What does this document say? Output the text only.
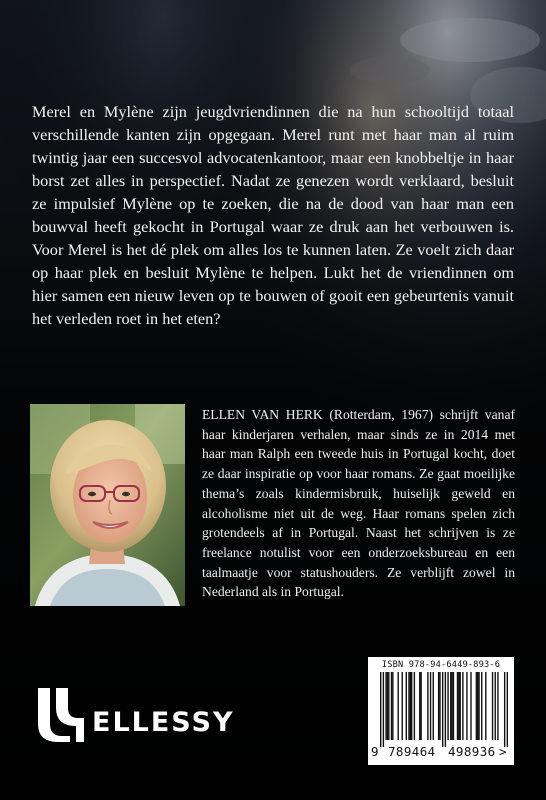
Merel en Mylène zijn jeugdvriendinnen die na hun schooltijd totaal verschillende kanten zijn opgegaan. Merel runt met haar man al ruim twintig jaar een succesvol advocatenkantoor, maar een knobbeltje in haar borst zet alles in perspectief. Nadat ze genezen wordt verklaard, besluit ze impulsief Mylène op te zoeken, die na de dood van haar man een bouwval heeft gekocht in Portugal waar ze druk aan het verbouwen is. Voor Merel is het dé plek om alles los te kunnen laten. Ze voelt zich daar op haar plek en besluit Mylène te helpen. Lukt het de vriendinnen om hier samen een nieuw leven op te bouwen of gooit een gebeurtenis vanuit het verleden roet in het eten?

ELLEN VAN HERK (Rotterdam, 1967) schrijft vanaf haar kinderjaren verhalen, maar sinds ze in 2014 met haar man Ralph een tweede huis in Portugal kocht, doet ze daar inspiratie op voor haar romans. Ze gaat moeilijke thema’s zoals kindermisbruik, huiselijk geweld en alcoholisme niet uit de weg. Haar romans spelen zich grotendeels af in Portugal. Naast het schrijven is ze freelance notulist voor een onderzoeksbureau en een taalmaatje voor statushouders. Ze verblijft zowel in Nederland als in Portugal.

ELLESSY
ISBN 978-94-6449-893-6
9 789464 498936 >
